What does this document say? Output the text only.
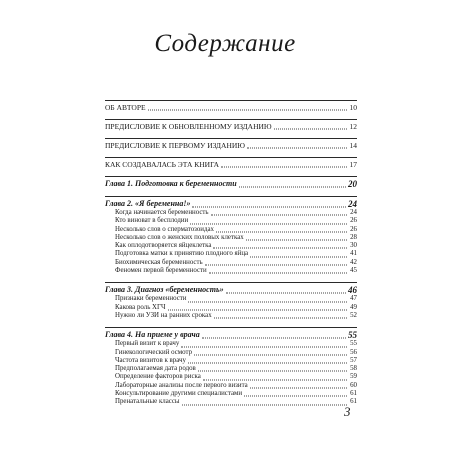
Содержание
ОБ АВТОРЕ	10
ПРЕДИСЛОВИЕ К ОБНОВЛЕННОМУ ИЗДАНИЮ	12
ПРЕДИСЛОВИЕ К ПЕРВОМУ ИЗДАНИЮ	14
КАК СОЗДАВАЛАСЬ ЭТА КНИГА	17
Глава 1. Подготовка к беременности	20
Глава 2. «Я беременна!»	24
Когда начинается беременность	24
Кто виноват в бесплодии	26
Несколько слов о сперматозоидах	26
Несколько слов о женских половых клетках	28
Как оплодотворяется яйцеклетка	30
Подготовка матки к принятию плодного яйца	41
Биохимическая беременность	42
Феномен первой беременности	45
Глава 3. Диагноз «беременность»	46
Признаки беременности	47
Какова роль ХГЧ	49
Нужно ли УЗИ на ранних сроках	52
Глава 4. На приеме у врача	55
Первый визит к врачу	55
Гинекологический осмотр	56
Частота визитов к врачу	57
Предполагаемая дата родов	58
Определение факторов риска	59
Лабораторные анализы после первого визита	60
Консультирование другими специалистами	61
Пренатальные классы	61
3
